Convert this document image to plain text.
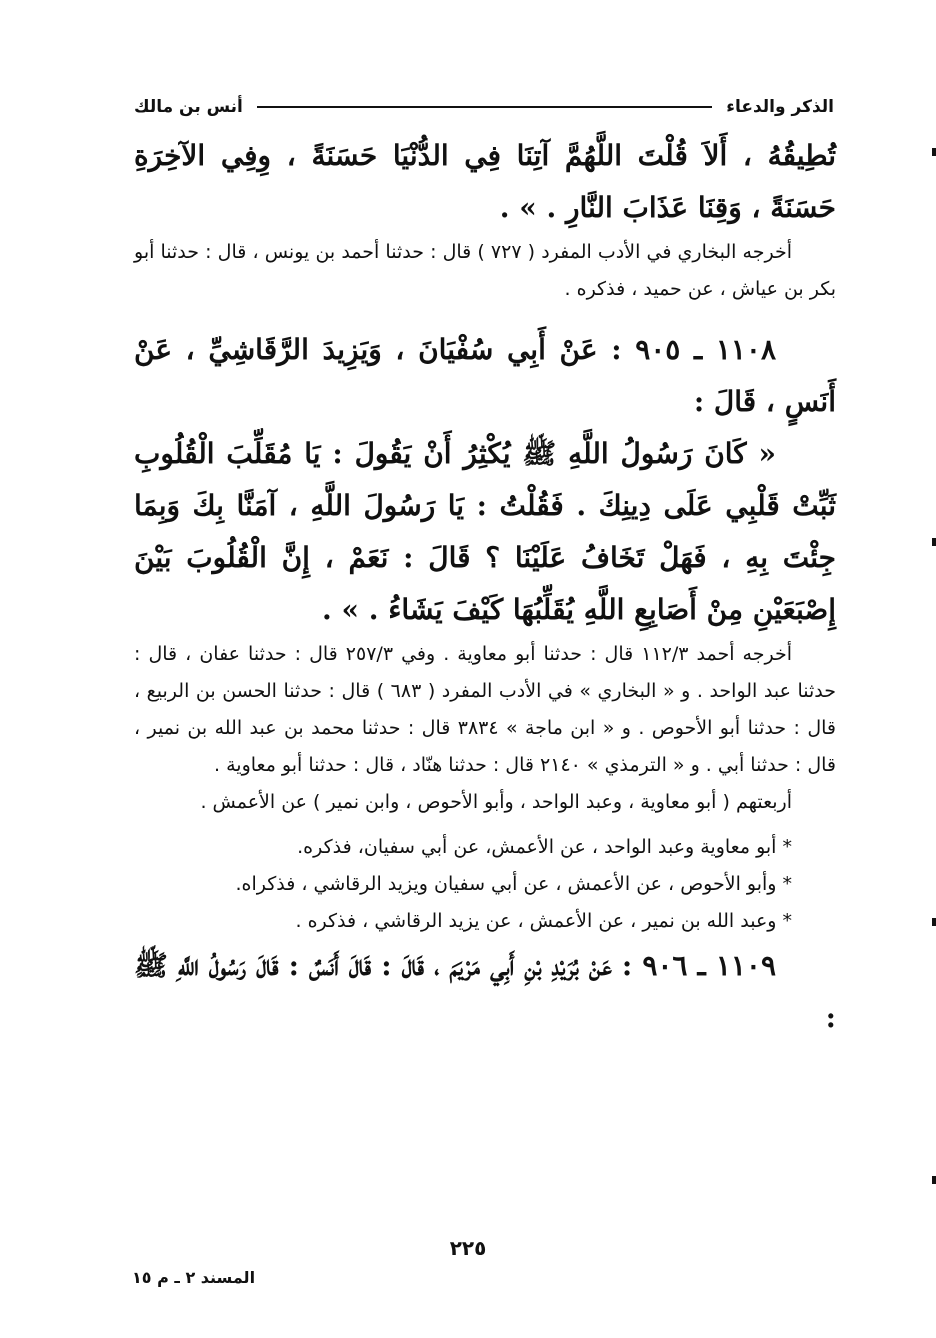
الذكر والدعاء
أنس بن مالك

تُطِيقُهُ ، أَلاَ قُلْتَ اللَّهُمَّ آتِنَا فِي الدُّنْيَا حَسَنَةً ، وِفِي الآخِرَةِ حَسَنَةً ، وَقِنَا عَذَابَ النَّارِ . » .

أخرجه البخاري في الأدب المفرد ( ٧٢٧ ) قال : حدثنا أحمد بن يونس ، قال : حدثنا أبو بكر بن عياش ، عن حميد ، فذكره .

١١٠٨ ـ ٩٠٥ : عَنْ أَبِي سُفْيَانَ ، وَيَزِيدَ الرَّقَاشِيِّ ، عَنْ أَنَسٍ ، قَالَ :

« كَانَ رَسُولُ اللَّهِ ﷺ يُكْثِرُ أَنْ يَقُولَ : يَا مُقَلِّبَ الْقُلُوبِ ثَبِّتْ قَلْبِي عَلَى دِينِكَ . فَقُلْتُ : يَا رَسُولَ اللَّهِ ، آمَنَّا بِكَ وَبِمَا جِئْتَ بِهِ ، فَهَلْ تَخَافُ عَلَيْنَا ؟ قَالَ : نَعَمْ ، إِنَّ الْقُلُوبَ بَيْنَ إِصْبَعَيْنِ مِنْ أَصَابِعِ اللَّهِ يُقَلِّبُهَا كَيْفَ يَشَاءُ . » .

أخرجه أحمد ١١٢/٣ قال : حدثنا أبو معاوية . وفي ٢٥٧/٣ قال : حدثنا عفان ، قال : حدثنا عبد الواحد . و « البخاري » في الأدب المفرد ( ٦٨٣ ) قال : حدثنا الحسن بن الربيع ، قال : حدثنا أبو الأحوص . و « ابن ماجة » ٣٨٣٤ قال : حدثنا محمد بن عبد الله بن نمير ، قال : حدثنا أبي . و « الترمذي » ٢١٤٠ قال : حدثنا هنّاد ، قال : حدثنا أبو معاوية .

أربعتهم ( أبو معاوية ، وعبد الواحد ، وأبو الأحوص ، وابن نمير ) عن الأعمش .

* أبو معاوية وعبد الواحد ، عن الأعمش، عن أبي سفيان، فذكره.

* وأبو الأحوص ، عن الأعمش ، عن أبي سفيان ويزيد الرقاشي ، فذكراه.

* وعبد الله بن نمير ، عن الأعمش ، عن يزيد الرقاشي ، فذكره .

١١٠٩ ـ ٩٠٦ : عَنْ بُرَيْدِ بْنِ أَبِي مَرْيَمَ ، قَالَ : قَالَ أَنَسٌ : قَالَ رَسُولُ اللَّهِ ﷺ :

٢٢٥
المسند ٢ ـ م ١٥
